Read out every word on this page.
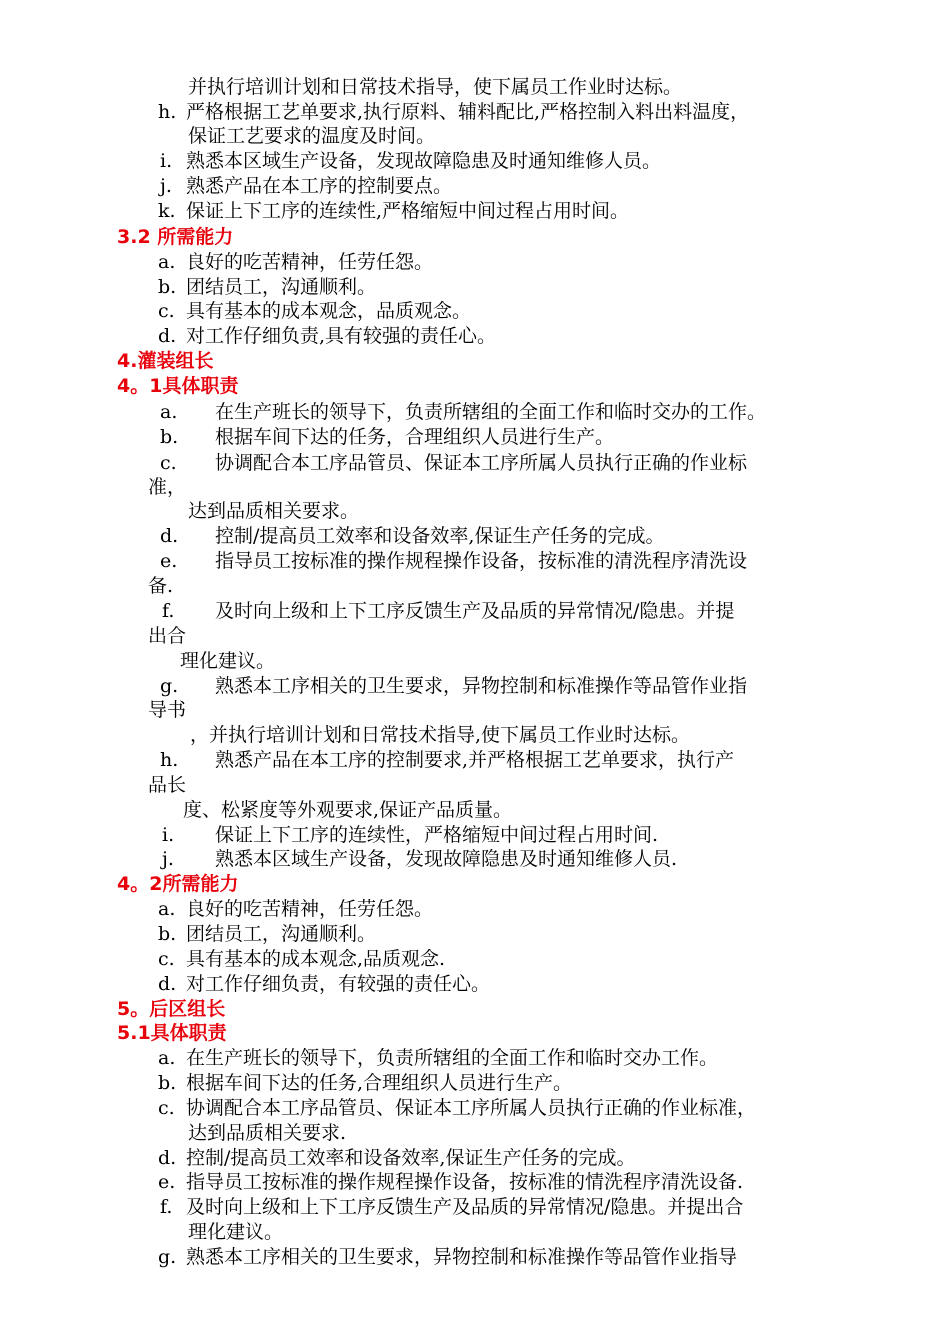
并执行培训计划和日常技术指导，使下属员工作业时达标。
h. 严格根据工艺单要求,执行原料、辅料配比,严格控制入料出料温度，
保证工艺要求的温度及时间。
i. 熟悉本区域生产设备，发现故障隐患及时通知维修人员。
j. 熟悉产品在本工序的控制要点。
k. 保证上下工序的连续性,严格缩短中间过程占用时间。
3.2 所需能力
a. 良好的吃苦精神，任劳任怨。
b. 团结员工，沟通顺利。
c. 具有基本的成本观念，品质观念。
d. 对工作仔细负责,具有较强的责任心。
4.灌装组长
4。1具体职责
a. 在生产班长的领导下，负责所辖组的全面工作和临时交办的工作。
b. 根据车间下达的任务，合理组织人员进行生产。
c. 协调配合本工序品管员、保证本工序所属人员执行正确的作业标
准，
达到品质相关要求。
d. 控制/提高员工效率和设备效率,保证生产任务的完成。
e. 指导员工按标准的操作规程操作设备，按标准的清洗程序清洗设
备.
f. 及时向上级和上下工序反馈生产及品质的异常情况/隐患。并提
出合
理化建议。
g. 熟悉本工序相关的卫生要求，异物控制和标准操作等品管作业指
导书
，并执行培训计划和日常技术指导,使下属员工作业时达标。
h. 熟悉产品在本工序的控制要求,并严格根据工艺单要求，执行产
品长
度、松紧度等外观要求,保证产品质量。
i. 保证上下工序的连续性，严格缩短中间过程占用时间.
j. 熟悉本区域生产设备，发现故障隐患及时通知维修人员.
4。2所需能力
a. 良好的吃苦精神，任劳任怨。
b. 团结员工，沟通顺利。
c. 具有基本的成本观念,品质观念.
d. 对工作仔细负责，有较强的责任心。
5。后区组长
5.1具体职责
a. 在生产班长的领导下，负责所辖组的全面工作和临时交办工作。
b. 根据车间下达的任务,合理组织人员进行生产。
c. 协调配合本工序品管员、保证本工序所属人员执行正确的作业标准，
达到品质相关要求.
d. 控制/提高员工效率和设备效率,保证生产任务的完成。
e. 指导员工按标准的操作规程操作设备，按标准的情洗程序清洗设备.
f. 及时向上级和上下工序反馈生产及品质的异常情况/隐患。并提出合
理化建议。
g. 熟悉本工序相关的卫生要求，异物控制和标准操作等品管作业指导
